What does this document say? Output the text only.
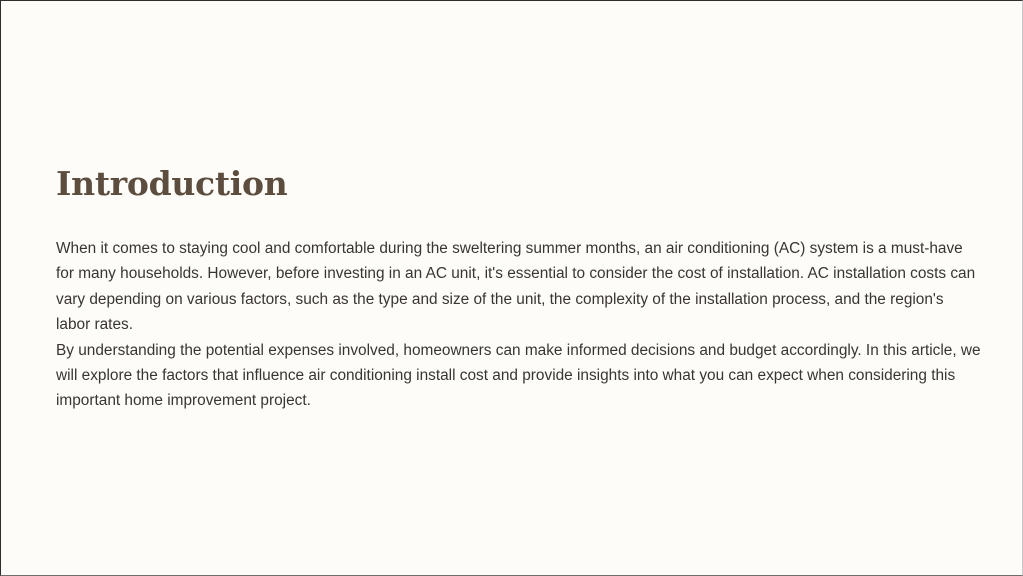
Introduction

When it comes to staying cool and comfortable during the sweltering summer months, an air conditioning (AC) system is a must-have for many households. However, before investing in an AC unit, it's essential to consider the cost of installation. AC installation costs can vary depending on various factors, such as the type and size of the unit, the complexity of the installation process, and the region's labor rates.

By understanding the potential expenses involved, homeowners can make informed decisions and budget accordingly. In this article, we will explore the factors that influence air conditioning install cost and provide insights into what you can expect when considering this important home improvement project.
